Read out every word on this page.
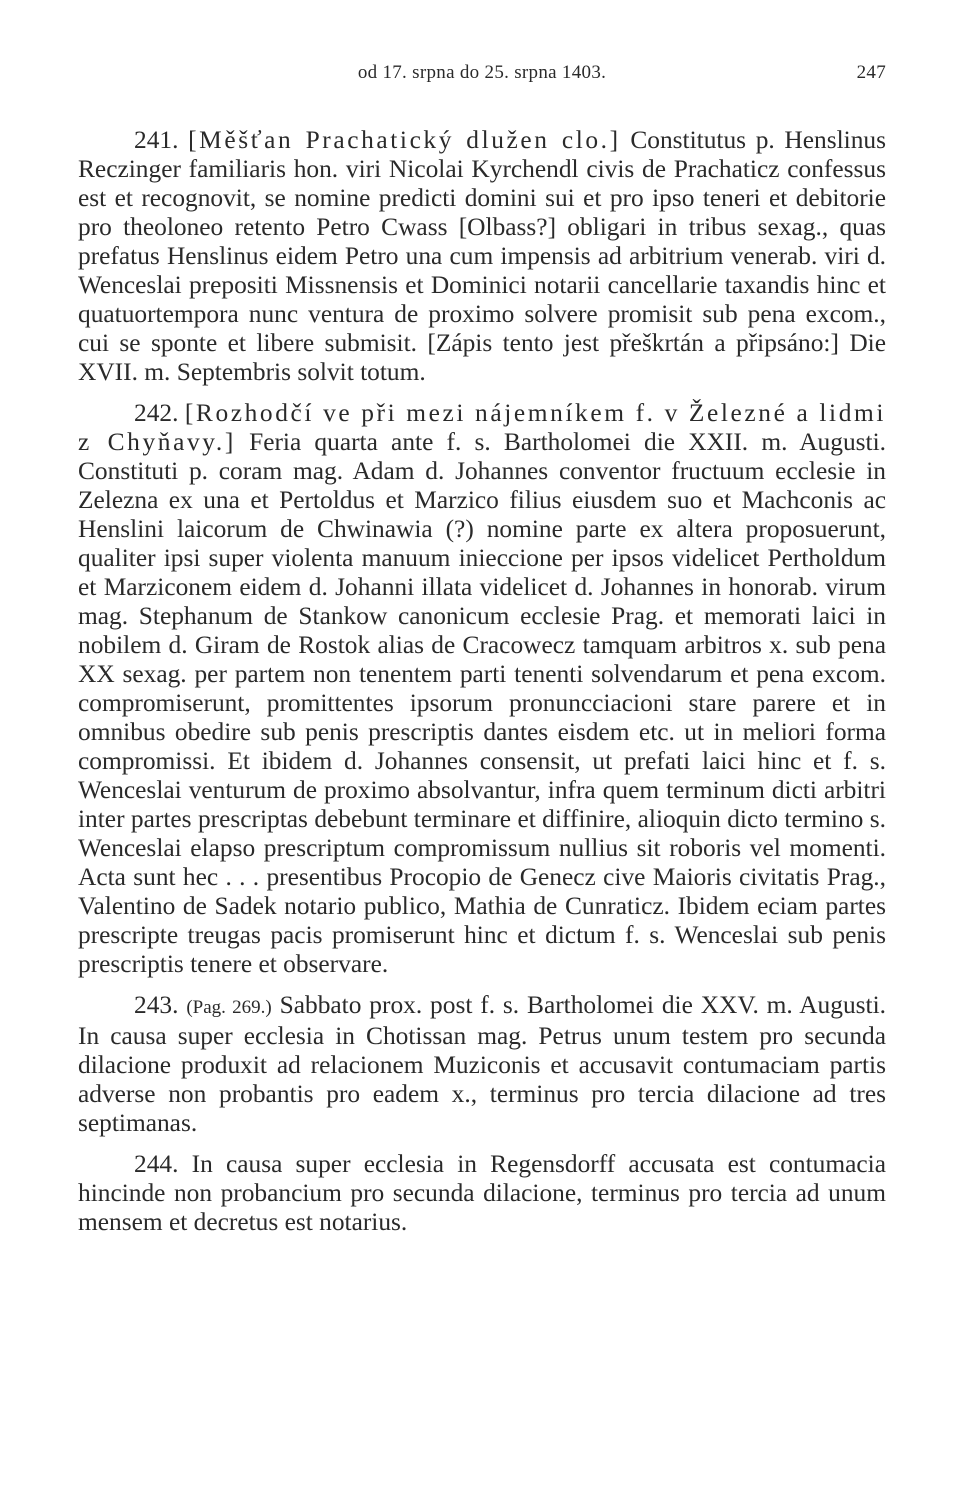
od 17. srpna do 25. srpna 1403.	247

241. [Měšťan Prachatický dlužen clo.] Constitutus p. Henslinus Reczinger familiaris hon. viri Nicolai Kyrchendl civis de Prachaticz confessus est et recognovit, se nomine predicti domini sui et pro ipso teneri et debitorie pro theoloneo retento Petro Cwass [Olbass?] obligari in tribus sexag., quas prefatus Henslinus eidem Petro una cum impensis ad arbitrium venerab. viri d. Wenceslai prepositi Missnensis et Dominici notarii cancellarie taxandis hinc et quatuortempora nunc ventura de proximo solvere promisit sub pena excom., cui se sponte et libere submisit. [Zápis tento jest přeškrtán a připsáno:] Die XVII. m. Septembris solvit totum.

242. [Rozhodčí ve při mezi nájemníkem f. v Železné a lidmi z Chyňavy.] Feria quarta ante f. s. Bartholomei die XXII. m. Augusti. Constituti p. coram mag. Adam d. Johannes conventor fructuum ecclesie in Zelezna ex una et Pertoldus et Marzico filius eiusdem suo et Machconis ac Henslini laicorum de Chwinawia (?) nomine parte ex altera proposuerunt, qualiter ipsi super violenta manuum inieccione per ipsos videlicet Pertholdum et Marziconem eidem d. Johanni illata videlicet d. Johannes in honorab. virum mag. Stephanum de Stankow canonicum ecclesie Prag. et memorati laici in nobilem d. Giram de Rostok alias de Cracowecz tamquam arbitros x. sub pena XX sexag. per partem non tenentem parti tenenti solvendarum et pena excom. compromiserunt, promittentes ipsorum pronuncciacioni stare parere et in omnibus obedire sub penis prescriptis dantes eisdem etc. ut in meliori forma compromissi. Et ibidem d. Johannes consensit, ut prefati laici hinc et f. s. Wenceslai venturum de proximo absolvantur, infra quem terminum dicti arbitri inter partes prescriptas debebunt terminare et diffinire, alioquin dicto termino s. Wenceslai elapso prescriptum compromissum nullius sit roboris vel momenti. Acta sunt hec . . . presentibus Procopio de Genecz cive Maioris civitatis Prag., Valentino de Sadek notario publico, Mathia de Cunraticz. Ibidem eciam partes prescripte treugas pacis promiserunt hinc et dictum f. s. Wenceslai sub penis prescriptis tenere et observare.

243. (Pag. 269.) Sabbato prox. post f. s. Bartholomei die XXV. m. Augusti. In causa super ecclesia in Chotissan mag. Petrus unum testem pro secunda dilacione produxit ad relacionem Muziconis et accusavit contumaciam partis adverse non probantis pro eadem x., terminus pro tercia dilacione ad tres septimanas.

244. In causa super ecclesia in Regensdorff accusata est contumacia hincinde non probancium pro secunda dilacione, terminus pro tercia ad unum mensem et decretus est notarius.
